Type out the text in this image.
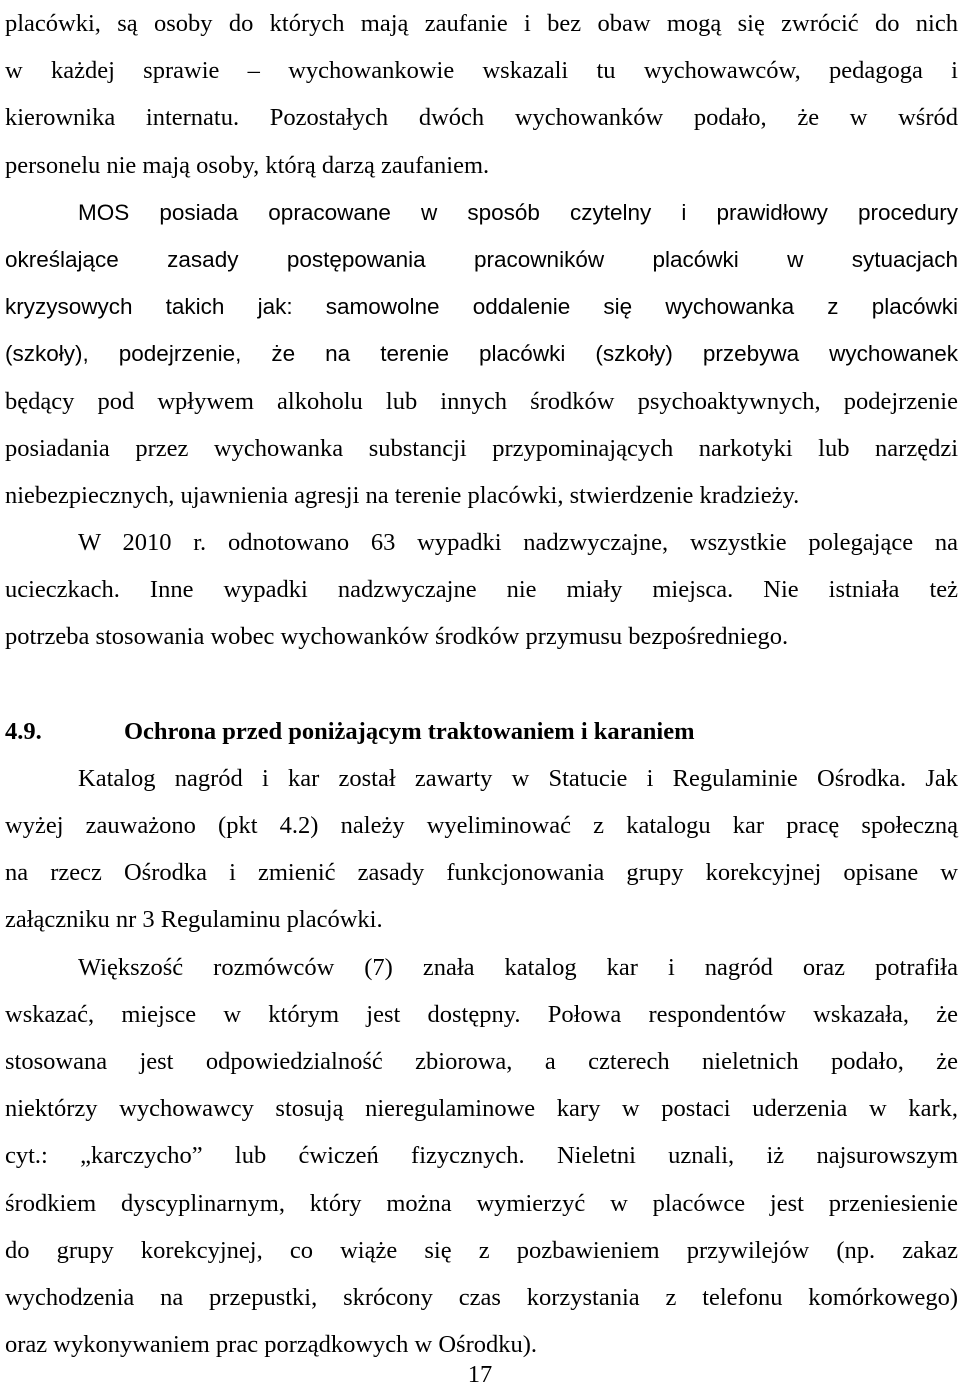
placówki, są osoby do których mają zaufanie i bez obaw mogą się zwrócić do nich
w każdej sprawie – wychowankowie wskazali tu wychowawców, pedagoga i
kierownika internatu. Pozostałych dwóch wychowanków podało, że w wśród
personelu nie mają osoby, którą darzą zaufaniem.
MOS posiada opracowane w sposób czytelny i prawidłowy procedury
określające zasady postępowania pracowników placówki w sytuacjach
kryzysowych takich jak: samowolne oddalenie się wychowanka z placówki
(szkoły), podejrzenie, że na terenie placówki (szkoły) przebywa wychowanek
będący pod wpływem alkoholu lub innych środków psychoaktywnych, podejrzenie
posiadania przez wychowanka substancji przypominających narkotyki lub narzędzi
niebezpiecznych, ujawnienia agresji na terenie placówki, stwierdzenie kradzieży.
W 2010 r. odnotowano 63 wypadki nadzwyczajne, wszystkie polegające na
ucieczkach. Inne wypadki nadzwyczajne nie miały miejsca. Nie istniała też
potrzeba stosowania wobec wychowanków środków przymusu bezpośredniego.
4.9.	Ochrona przed poniżającym traktowaniem i karaniem
Katalog nagród i kar został zawarty w Statucie i Regulaminie Ośrodka. Jak
wyżej zauważono (pkt 4.2) należy wyeliminować z katalogu kar pracę społeczną
na rzecz Ośrodka i zmienić zasady funkcjonowania grupy korekcyjnej opisane w
załączniku nr 3 Regulaminu placówki.
Większość rozmówców (7) znała katalog kar i nagród oraz potrafiła
wskazać, miejsce w którym jest dostępny. Połowa respondentów wskazała, że
stosowana jest odpowiedzialność zbiorowa, a czterech nieletnich podało, że
niektórzy wychowawcy stosują nieregulaminowe kary w postaci uderzenia w kark,
cyt.: „karczycho” lub ćwiczeń fizycznych. Nieletni uznali, iż najsurowszym
środkiem dyscyplinarnym, który można wymierzyć w placówce jest przeniesienie
do grupy korekcyjnej, co wiąże się z pozbawieniem przywilejów (np. zakaz
wychodzenia na przepustki, skrócony czas korzystania z telefonu komórkowego)
oraz wykonywaniem prac porządkowych w Ośrodku).
17
